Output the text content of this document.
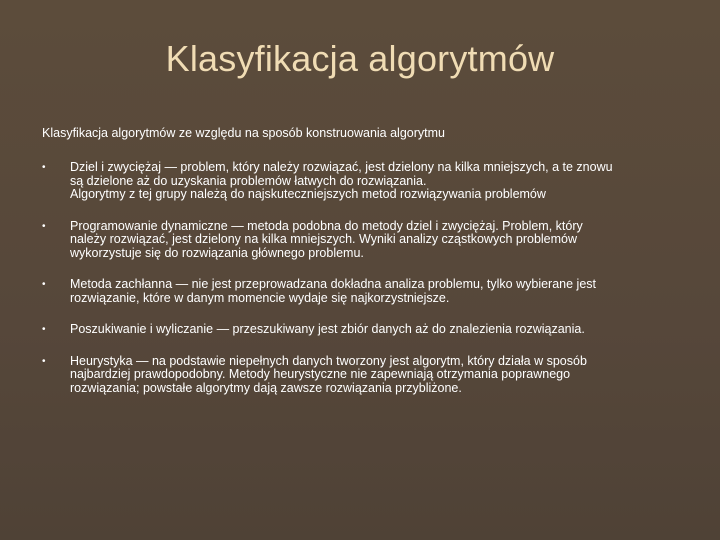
Klasyfikacja algorytmów

Klasyfikacja algorytmów ze względu na sposób konstruowania algorytmu

• Dziel i zwyciężaj — problem, który należy rozwiązać, jest dzielony na kilka mniejszych, a te znowu
są dzielone aż do uzyskania problemów łatwych do rozwiązania.
Algorytmy z tej grupy należą do najskuteczniejszych metod rozwiązywania problemów
• Programowanie dynamiczne — metoda podobna do metody dziel i zwyciężaj. Problem, który
należy rozwiązać, jest dzielony na kilka mniejszych. Wyniki analizy cząstkowych problemów
wykorzystuje się do rozwiązania głównego problemu.
• Metoda zachłanna — nie jest przeprowadzana dokładna analiza problemu, tylko wybierane jest
rozwiązanie, które w danym momencie wydaje się najkorzystniejsze.
• Poszukiwanie i wyliczanie — przeszukiwany jest zbiór danych aż do znalezienia rozwiązania.
• Heurystyka — na podstawie niepełnych danych tworzony jest algorytm, który działa w sposób
najbardziej prawdopodobny. Metody heurystyczne nie zapewniają otrzymania poprawnego
rozwiązania; powstałe algorytmy dają zawsze rozwiązania przybliżone.
